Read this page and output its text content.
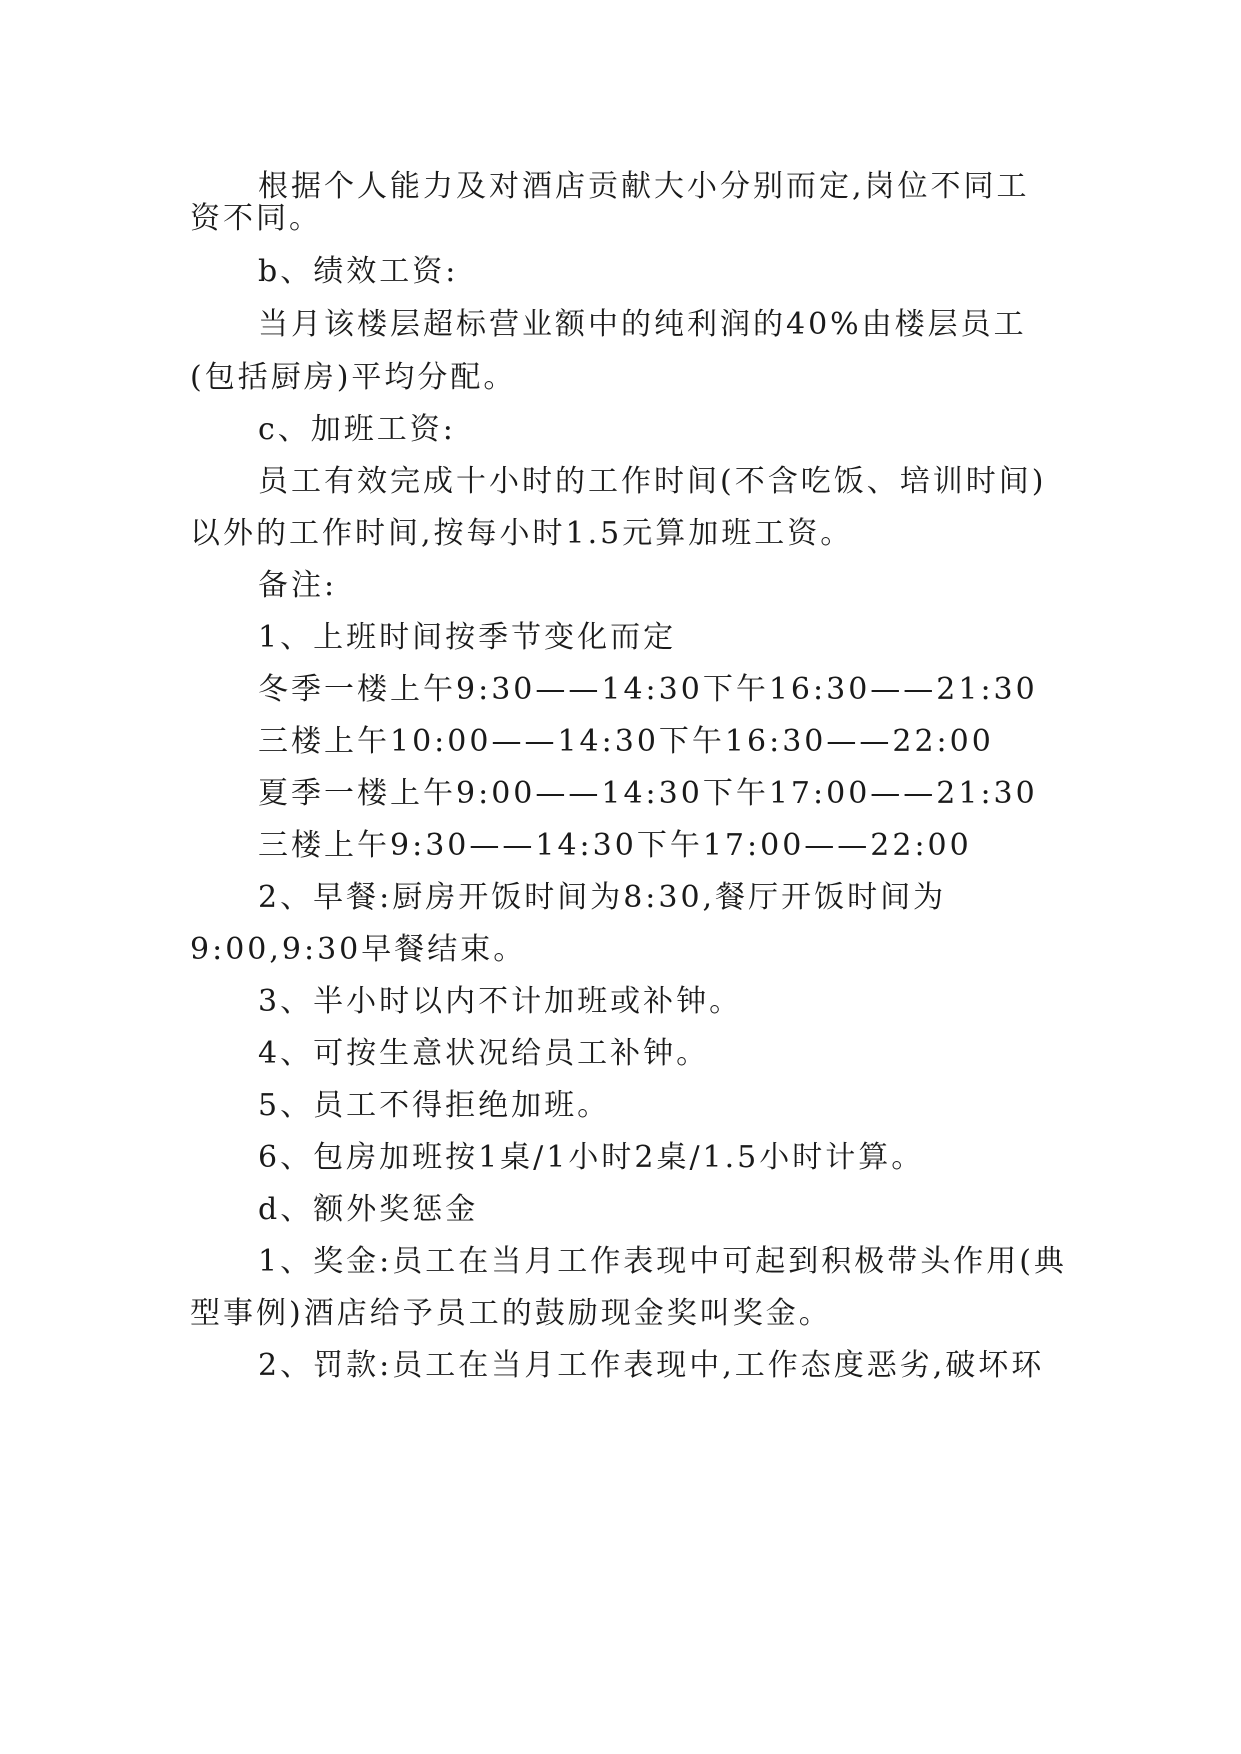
根据个人能力及对酒店贡献大小分别而定,岗位不同工
资不同。
b、绩效工资:
当月该楼层超标营业额中的纯利润的40%由楼层员工
(包括厨房)平均分配。
c、加班工资:
员工有效完成十小时的工作时间(不含吃饭、培训时间)
以外的工作时间,按每小时1.5元算加班工资。
备注:
1、上班时间按季节变化而定
冬季一楼上午9:30——14:30下午16:30——21:30
三楼上午10:00——14:30下午16:30——22:00
夏季一楼上午9:00——14:30下午17:00——21:30
三楼上午9:30——14:30下午17:00——22:00
2、早餐:厨房开饭时间为8:30,餐厅开饭时间为
9:00,9:30早餐结束。
3、半小时以内不计加班或补钟。
4、可按生意状况给员工补钟。
5、员工不得拒绝加班。
6、包房加班按1桌/1小时2桌/1.5小时计算。
d、额外奖惩金
1、奖金:员工在当月工作表现中可起到积极带头作用(典
型事例)酒店给予员工的鼓励现金奖叫奖金。
2、罚款:员工在当月工作表现中,工作态度恶劣,破坏环
